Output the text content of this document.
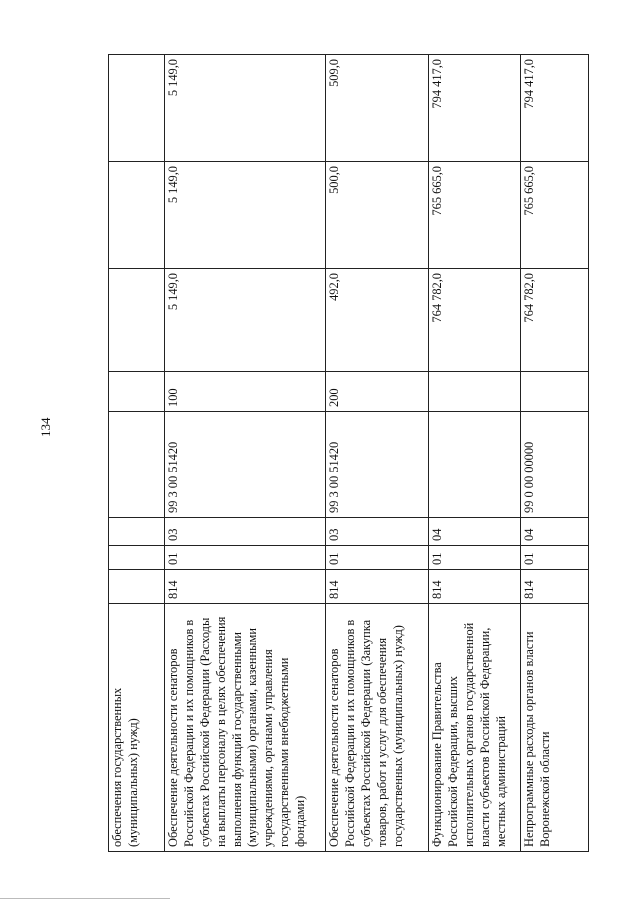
134
обеспечения государственных (муниципальных) нужд)								
Обеспечение деятельности сенаторов Российской Федерации и их помощников в субъектах Российской Федерации (Расходы на выплаты персоналу в целях обеспечения выполнения функций государственными (муниципальными) органами, казенными учреждениями, органами управления государственными внебюджетными фондами)	814	01	03	99 3 00 51420	100	5 149,0	5 149,0	5 149,0
Обеспечение деятельности сенаторов Российской Федерации и их помощников в субъектах Российской Федерации (Закупка товаров, работ и услуг для обеспечения государственных (муниципальных) нужд)	814	01	03	99 3 00 51420	200	492,0	500,0	509,0
Функционирование Правительства Российской Федерации, высших исполнительных органов государственной власти субъектов Российской Федерации, местных администраций	814	01	04			764 782,0	765 665,0	794 417,0
Непрограммные расходы органов власти Воронежской области	814	01	04	99 0 00 00000		764 782,0	765 665,0	794 417,0
